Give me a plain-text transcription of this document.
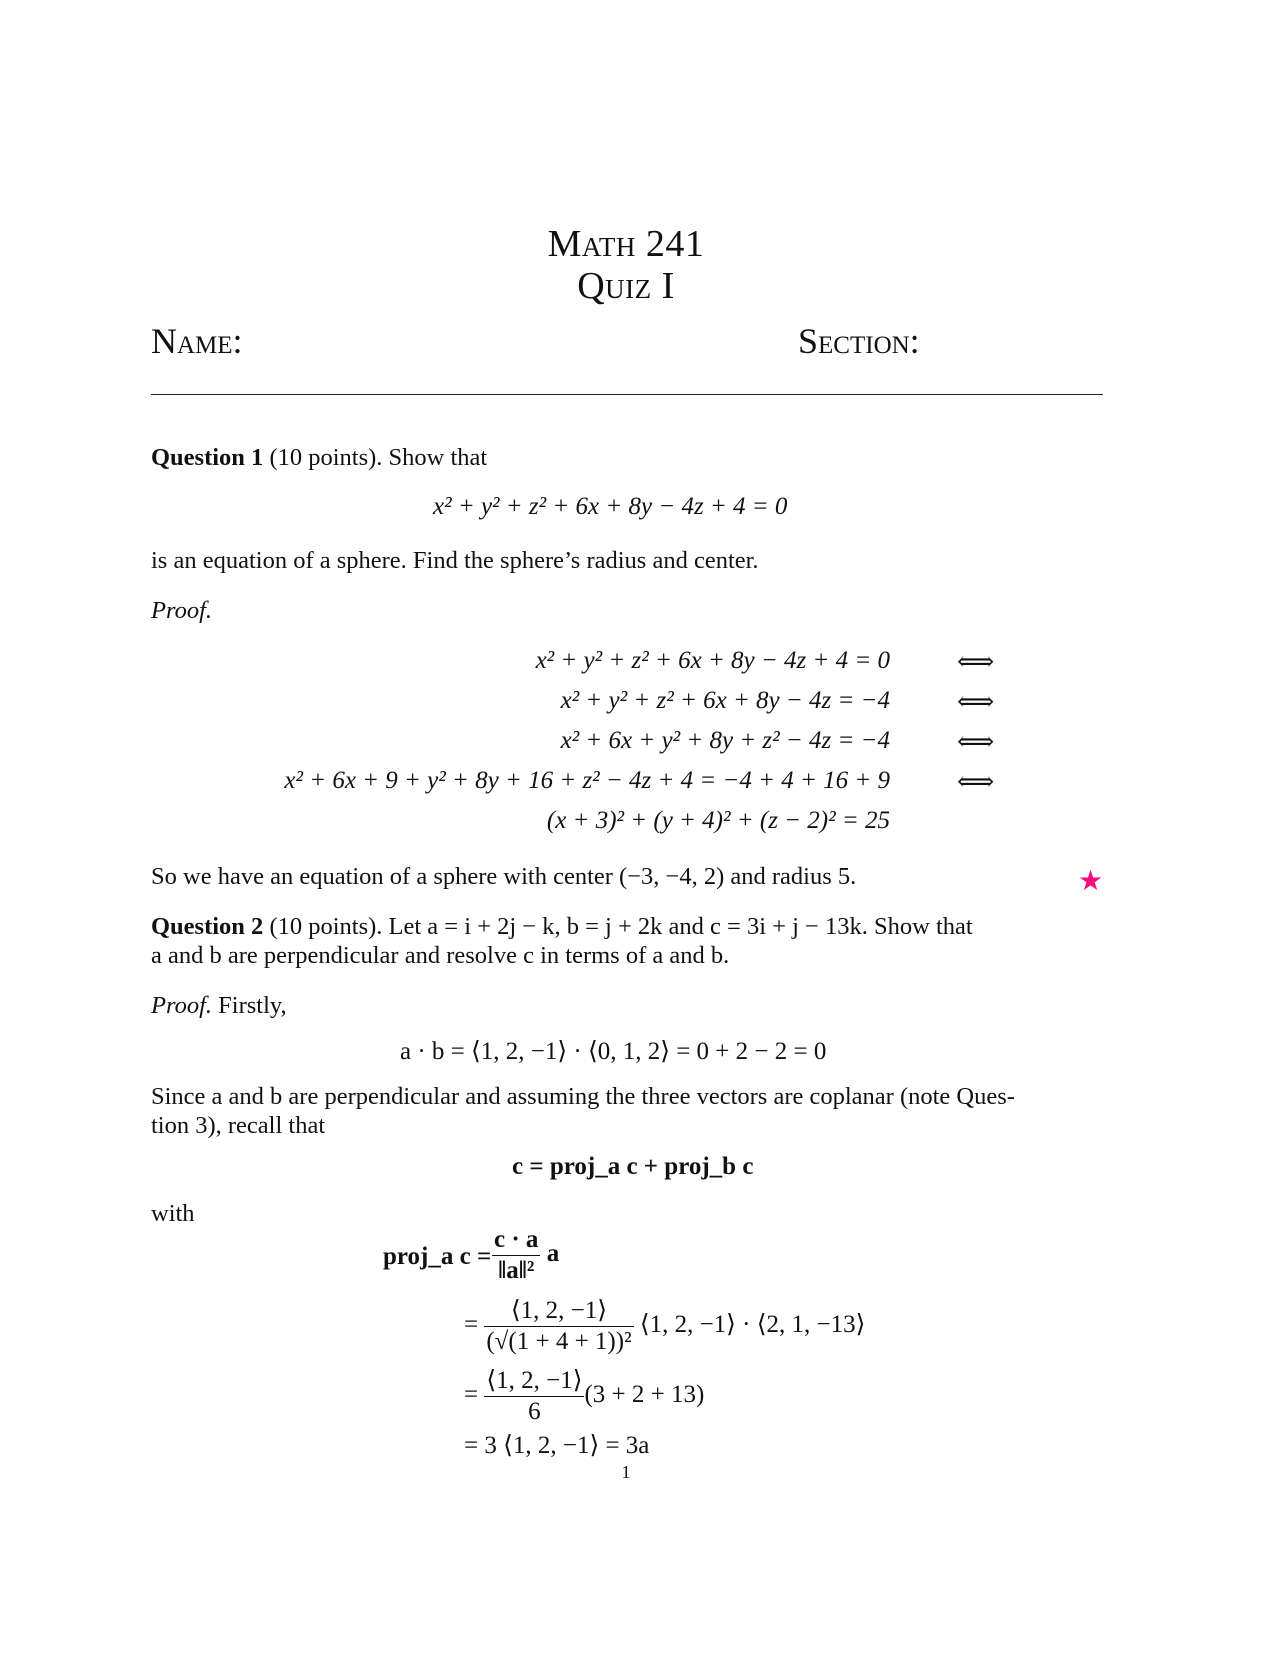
Math 241
Quiz I
Name:	Section:
Question 1 (10 points). Show that
x² + y² + z² + 6x + 8y − 4z + 4 = 0
is an equation of a sphere. Find the sphere’s radius and center.
Proof.
x² + y² + z² + 6x + 8y − 4z + 4 = 0	⟺
x² + y² + z² + 6x + 8y − 4z = −4	⟺
x² + 6x + y² + 8y + z² − 4z = −4	⟺
x² + 6x + 9 + y² + 8y + 16 + z² − 4z + 4 = −4 + 4 + 16 + 9	⟺
(x + 3)² + (y + 4)² + (z − 2)² = 25
So we have an equation of a sphere with center (−3, −4, 2) and radius 5.	★
Question 2 (10 points). Let a = i + 2j − k, b = j + 2k and c = 3i + j − 13k. Show that
a and b are perpendicular and resolve c in terms of a and b.
Proof. Firstly,
a · b = ⟨1, 2, −1⟩ · ⟨0, 1, 2⟩ = 0 + 2 − 2 = 0
Since a and b are perpendicular and assuming the three vectors are coplanar (note Ques-
tion 3), recall that
c = proj_a c + proj_b c
with
proj_a $c = \frac{c \cdot a}{\text{‖a‖²}}$ a
= $\frac{⟨1, 2, -1⟩}{\text{(√(1 + 4 + 1))²}}$ ⟨1, 2, −1⟩ · ⟨2, 1, −13⟩
= $\frac{⟨1, 2, -1⟩}{6} (3 + 2 + 13)$
= 3 ⟨1, 2, −1⟩ = 3a
1
